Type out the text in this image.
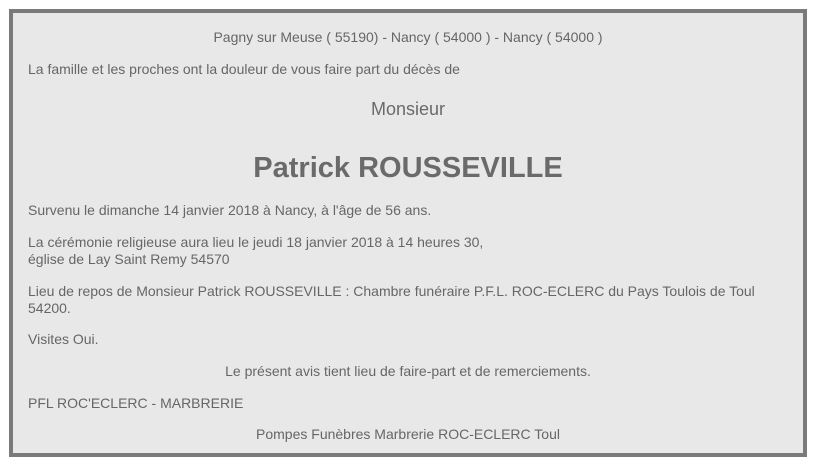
Pagny sur Meuse ( 55190) - Nancy ( 54000 ) - Nancy ( 54000 )
La famille et les proches ont la douleur de vous faire part du décès de
Monsieur
Patrick ROUSSEVILLE
Survenu le dimanche 14 janvier 2018 à Nancy, à l'âge de 56 ans.
La cérémonie religieuse aura lieu le jeudi 18 janvier 2018 à 14 heures 30,
église de Lay Saint Remy 54570
Lieu de repos de Monsieur Patrick ROUSSEVILLE : Chambre funéraire P.F.L. ROC-ECLERC du Pays Toulois de Toul 54200.
Visites Oui.
Le présent avis tient lieu de faire-part et de remerciements.
PFL ROC'ECLERC - MARBRERIE
Pompes Funèbres Marbrerie ROC-ECLERC Toul
